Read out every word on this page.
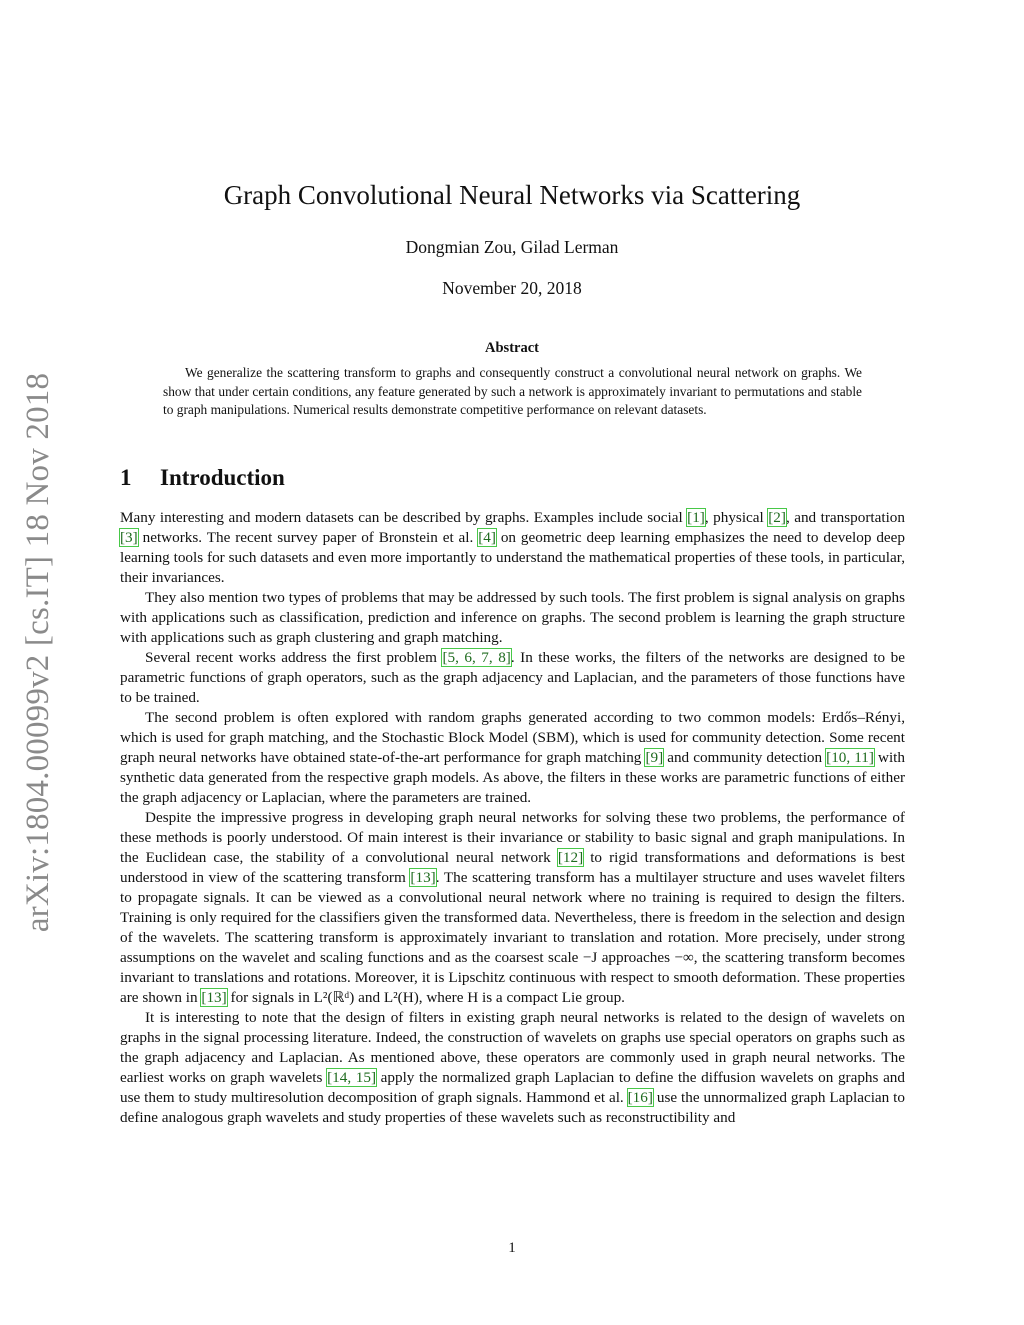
arXiv:1804.00099v2 [cs.IT] 18 Nov 2018
Graph Convolutional Neural Networks via Scattering
Dongmian Zou, Gilad Lerman
November 20, 2018
Abstract
We generalize the scattering transform to graphs and consequently construct a convolutional neural network on graphs. We show that under certain conditions, any feature generated by such a network is approximately invariant to permutations and stable to graph manipulations. Numerical results demonstrate competitive performance on relevant datasets.
1 Introduction

Many interesting and modern datasets can be described by graphs. Examples include social [1], physical [2], and transportation [3] networks. The recent survey paper of Bronstein et al. [4] on geometric deep learning emphasizes the need to develop deep learning tools for such datasets and even more importantly to understand the mathematical properties of these tools, in particular, their invariances.

They also mention two types of problems that may be addressed by such tools. The first problem is signal analysis on graphs with applications such as classification, prediction and inference on graphs. The second problem is learning the graph structure with applications such as graph clustering and graph matching.

Several recent works address the first problem [5, 6, 7, 8]. In these works, the filters of the networks are designed to be parametric functions of graph operators, such as the graph adjacency and Laplacian, and the parameters of those functions have to be trained.

The second problem is often explored with random graphs generated according to two common models: Erdős–Rényi, which is used for graph matching, and the Stochastic Block Model (SBM), which is used for community detection. Some recent graph neural networks have obtained state-of-the-art performance for graph matching [9] and community detection [10, 11] with synthetic data generated from the respective graph models. As above, the filters in these works are parametric functions of either the graph adjacency or Laplacian, where the parameters are trained.

Despite the impressive progress in developing graph neural networks for solving these two problems, the performance of these methods is poorly understood. Of main interest is their invariance or stability to basic signal and graph manipulations. In the Euclidean case, the stability of a convolutional neural network [12] to rigid transformations and deformations is best understood in view of the scattering transform [13]. The scattering transform has a multilayer structure and uses wavelet filters to propagate signals. It can be viewed as a convolutional neural network where no training is required to design the filters. Training is only required for the classifiers given the transformed data. Nevertheless, there is freedom in the selection and design of the wavelets. The scattering transform is approximately invariant to translation and rotation. More precisely, under strong assumptions on the wavelet and scaling functions and as the coarsest scale −J approaches −∞, the scattering transform becomes invariant to translations and rotations. Moreover, it is Lipschitz continuous with respect to smooth deformation. These properties are shown in [13] for signals in L²(ℝᵈ) and L²(H), where H is a compact Lie group.

It is interesting to note that the design of filters in existing graph neural networks is related to the design of wavelets on graphs in the signal processing literature. Indeed, the construction of wavelets on graphs use special operators on graphs such as the graph adjacency and Laplacian. As mentioned above, these operators are commonly used in graph neural networks. The earliest works on graph wavelets [14, 15] apply the normalized graph Laplacian to define the diffusion wavelets on graphs and use them to study multiresolution decomposition of graph signals. Hammond et al. [16] use the unnormalized graph Laplacian to define analogous graph wavelets and study properties of these wavelets such as reconstructibility and

1
